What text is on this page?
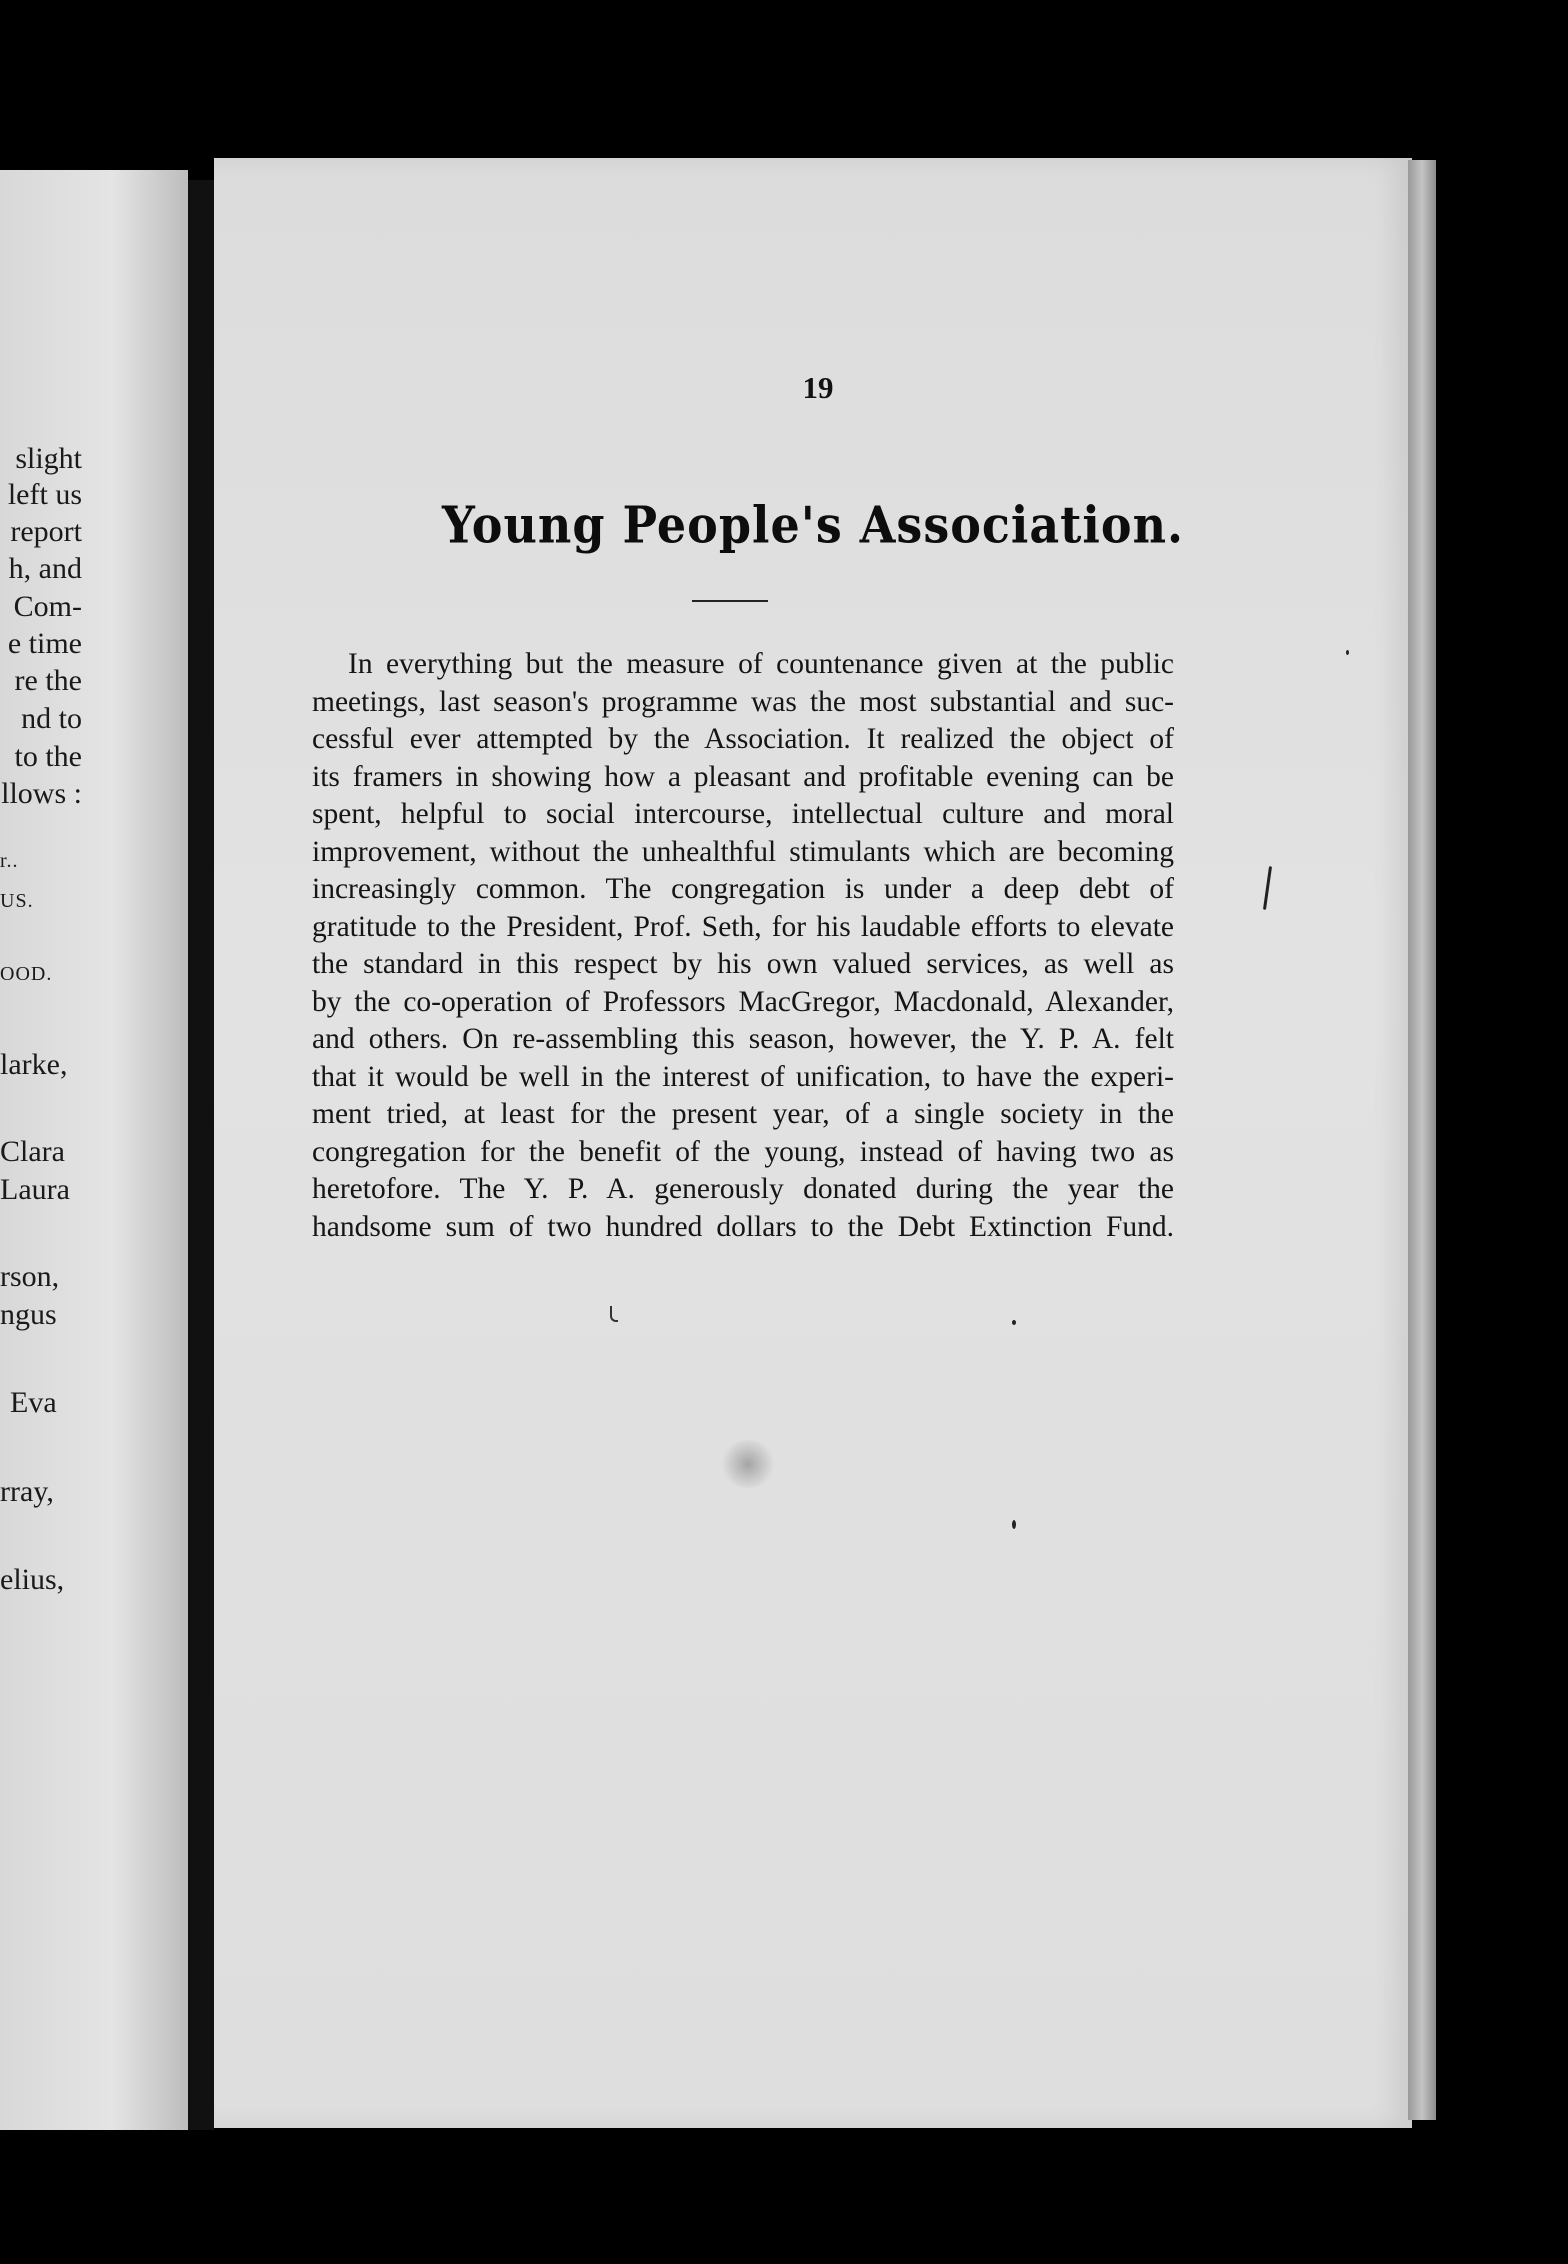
slight
left us
report
h, and
Com-
e time
re the
nd to
to the
llows :
r..
US.
OOD.
larke,
Clara
Laura
rson,
ngus
Eva
rray,
elius,
19
Young People's Association.
In everything but the measure of countenance given at the public
meetings, last season's programme was the most substantial and suc-
cessful ever attempted by the Association. It realized the object of
its framers in showing how a pleasant and profitable evening can be
spent, helpful to social intercourse, intellectual culture and moral
improvement, without the unhealthful stimulants which are becoming
increasingly common. The congregation is under a deep debt of
gratitude to the President, Prof. Seth, for his laudable efforts to elevate
the standard in this respect by his own valued services, as well as
by the co-operation of Professors MacGregor, Macdonald, Alexander,
and others. On re-assembling this season, however, the Y. P. A. felt
that it would be well in the interest of unification, to have the experi-
ment tried, at least for the present year, of a single society in the
congregation for the benefit of the young, instead of having two as
heretofore. The Y. P. A. generously donated during the year the
handsome sum of two hundred dollars to the Debt Extinction Fund.
